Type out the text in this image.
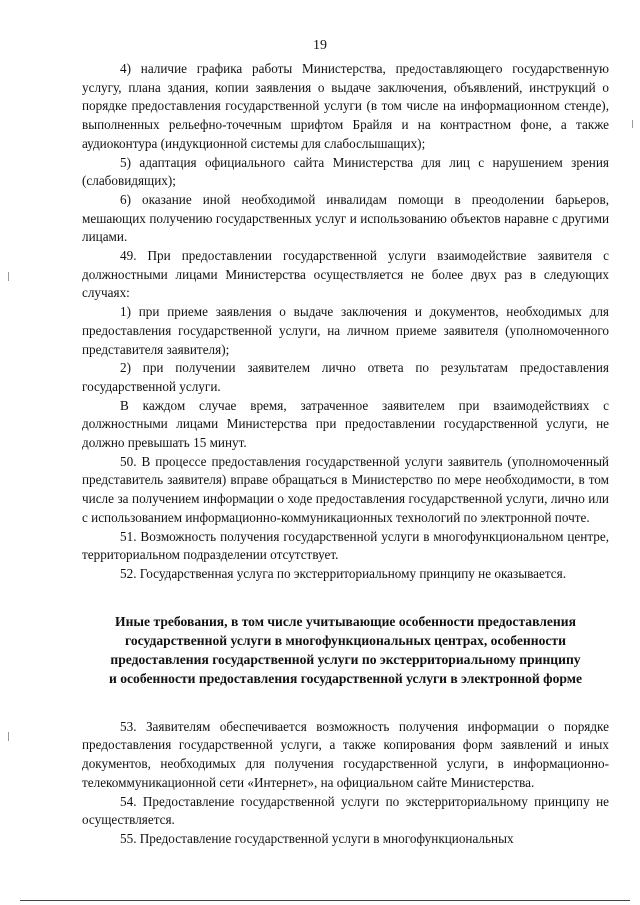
19

4) наличие графика работы Министерства, предоставляющего государственную услугу, плана здания, копии заявления о выдаче заключения, объявлений, инструкций о порядке предоставления государственной услуги (в том числе на информационном стенде), выполненных рельефно-точечным шрифтом Брайля и на контрастном фоне, а также аудиоконтура (индукционной системы для слабослышащих);

5) адаптация официального сайта Министерства для лиц с нарушением зрения (слабовидящих);

6) оказание иной необходимой инвалидам помощи в преодолении барьеров, мешающих получению государственных услуг и использованию объектов наравне с другими лицами.

49. При предоставлении государственной услуги взаимодействие заявителя с должностными лицами Министерства осуществляется не более двух раз в следующих случаях:

1) при приеме заявления о выдаче заключения и документов, необходимых для предоставления государственной услуги, на личном приеме заявителя (уполномоченного представителя заявителя);

2) при получении заявителем лично ответа по результатам предоставления государственной услуги.

В каждом случае время, затраченное заявителем при взаимодействиях с должностными лицами Министерства при предоставлении государственной услуги, не должно превышать 15 минут.

50. В процессе предоставления государственной услуги заявитель (уполномоченный представитель заявителя) вправе обращаться в Министерство по мере необходимости, в том числе за получением информации о ходе предоставления государственной услуги, лично или с использованием информационно-коммуникационных технологий по электронной почте.

51. Возможность получения государственной услуги в многофункциональном центре, территориальном подразделении отсутствует.

52. Государственная услуга по экстерриториальному принципу не оказывается.

Иные требования, в том числе учитывающие особенности предоставления
государственной услуги в многофункциональных центрах, особенности
предоставления государственной услуги по экстерриториальному принципу
и особенности предоставления государственной услуги в электронной форме

53. Заявителям обеспечивается возможность получения информации о порядке предоставления государственной услуги, а также копирования форм заявлений и иных документов, необходимых для получения государственной услуги, в информационно-телекоммуникационной сети «Интернет», на официальном сайте Министерства.

54. Предоставление государственной услуги по экстерриториальному принципу не осуществляется.

55. Предоставление государственной услуги в многофункциональных
